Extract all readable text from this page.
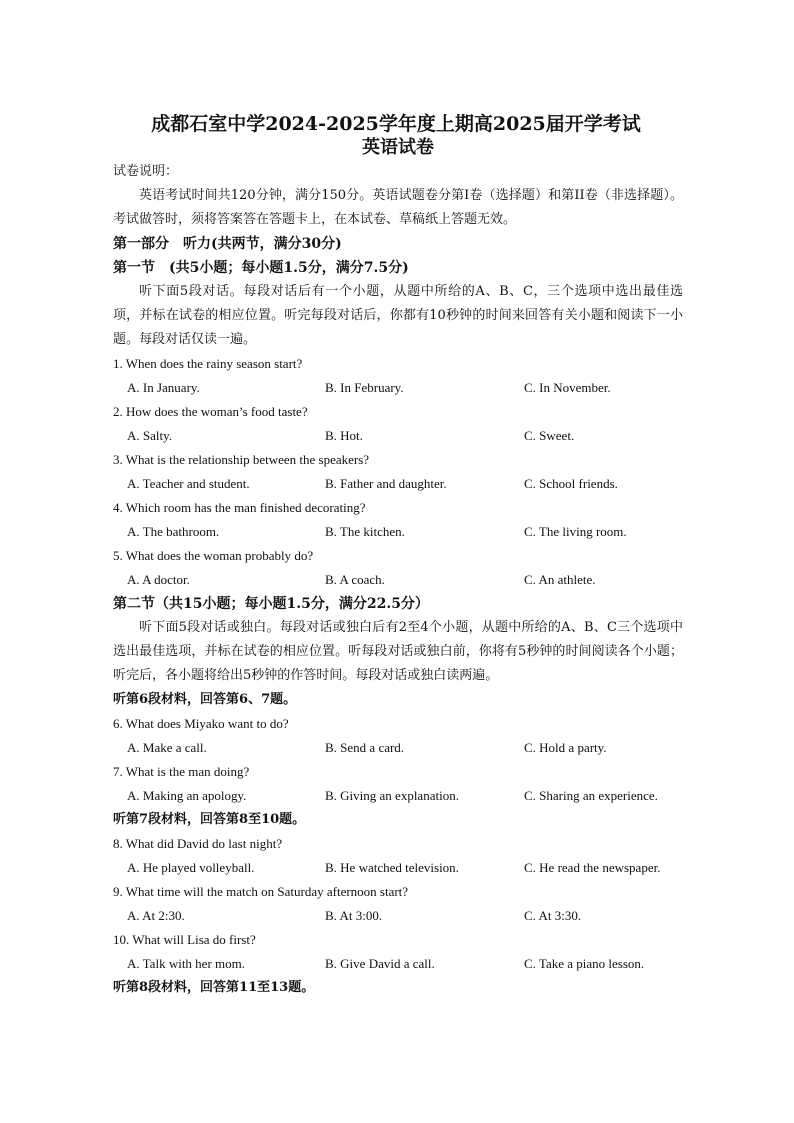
成都石室中学2024-2025学年度上期高2025届开学考试
英语试卷
试卷说明：
英语考试时间共120分钟，满分150分。英语试题卷分第I卷（选择题）和第II卷（非选择题）。考试做答时，须将答案答在答题卡上，在本试卷、草稿纸上答题无效。
第一部分　听力(共两节，满分30分)
第一节　(共5小题；每小题1.5分，满分7.5分)
听下面5段对话。每段对话后有一个小题，从题中所给的A、B、C，三个选项中选出最佳选项，并标在试卷的相应位置。听完每段对话后，你都有10秒钟的时间来回答有关小题和阅读下一小题。每段对话仅读一遍。
1. When does the rainy season start?
A. In January.	B. In February.	C. In November.
2. How does the woman’s food taste?
A. Salty.	B. Hot.	C. Sweet.
3. What is the relationship between the speakers?
A. Teacher and student.	B. Father and daughter.	C. School friends.
4. Which room has the man finished decorating?
A. The bathroom.	B. The kitchen.	C. The living room.
5. What does the woman probably do?
A. A doctor.	B. A coach.	C. An athlete.
第二节（共15小题；每小题1.5分，满分22.5分）
听下面5段对话或独白。每段对话或独白后有2至4个小题，从题中所给的A、B、C三个选项中选出最佳选项，并标在试卷的相应位置。听每段对话或独白前，你将有5秒钟的时间阅读各个小题；听完后，各小题将给出5秒钟的作答时间。每段对话或独白读两遍。
听第6段材料，回答第6、7题。
6. What does Miyako want to do?
A. Make a call.	B. Send a card.	C. Hold a party.
7. What is the man doing?
A. Making an apology.	B. Giving an explanation.	C. Sharing an experience.
听第7段材料，回答第8至10题。
8. What did David do last night?
A. He played volleyball.	B. He watched television.	C. He read the newspaper.
9. What time will the match on Saturday afternoon start?
A. At 2:30.	B. At 3:00.	C. At 3:30.
10. What will Lisa do first?
A. Talk with her mom.	B. Give David a call.	C. Take a piano lesson.
听第8段材料，回答第11至13题。
